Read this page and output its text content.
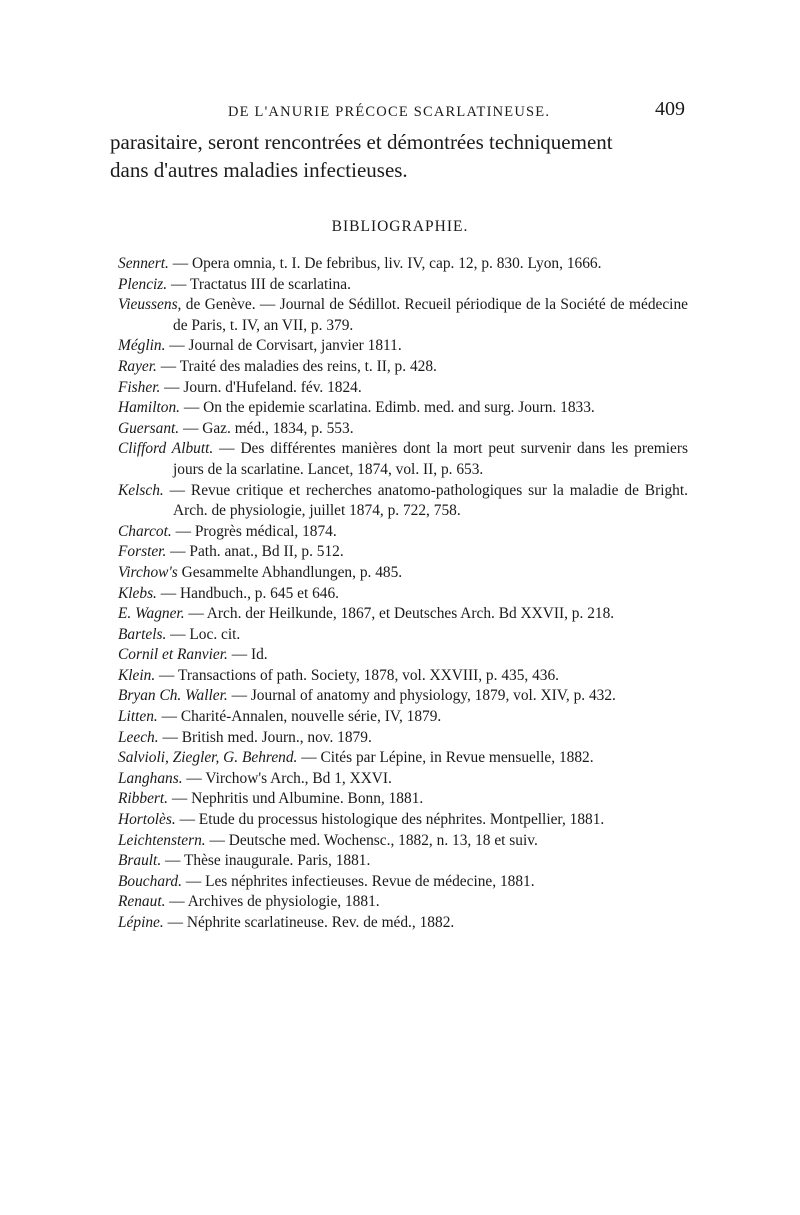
DE L'ANURIE PRÉCOCE SCARLATINEUSE.	409
parasitaire, seront rencontrées et démontrées techniquement
dans d'autres maladies infectieuses.
BIBLIOGRAPHIE.
Sennert. — Opera omnia, t. I. De febribus, liv. IV, cap. 12, p. 830. Lyon, 1666.
Plenciz. — Tractatus III de scarlatina.
Vieussens, de Genève. — Journal de Sédillot. Recueil périodique de la Société de médecine de Paris, t. IV, an VII, p. 379.
Méglin. — Journal de Corvisart, janvier 1811.
Rayer. — Traité des maladies des reins, t. II, p. 428.
Fisher. — Journ. d'Hufeland. fév. 1824.
Hamilton. — On the epidemie scarlatina. Edimb. med. and surg. Journ. 1833.
Guersant. — Gaz. méd., 1834, p. 553.
Clifford Albutt. — Des différentes manières dont la mort peut survenir dans les premiers jours de la scarlatine. Lancet, 1874, vol. II, p. 653.
Kelsch. — Revue critique et recherches anatomo-pathologiques sur la maladie de Bright. Arch. de physiologie, juillet 1874, p. 722, 758.
Charcot. — Progrès médical, 1874.
Forster. — Path. anat., Bd II, p. 512.
Virchow's Gesammelte Abhandlungen, p. 485.
Klebs. — Handbuch., p. 645 et 646.
E. Wagner. — Arch. der Heilkunde, 1867, et Deutsches Arch. Bd XXVII, p. 218.
Bartels. — Loc. cit.
Cornil et Ranvier. — Id.
Klein. — Transactions of path. Society, 1878, vol. XXVIII, p. 435, 436.
Bryan Ch. Waller. — Journal of anatomy and physiology, 1879, vol. XIV, p. 432.
Litten. — Charité-Annalen, nouvelle série, IV, 1879.
Leech. — British med. Journ., nov. 1879.
Salvioli, Ziegler, G. Behrend. — Cités par Lépine, in Revue mensuelle, 1882.
Langhans. — Virchow's Arch., Bd 1, XXVI.
Ribbert. — Nephritis und Albumine. Bonn, 1881.
Hortolès. — Etude du processus histologique des néphrites. Montpellier, 1881.
Leichtenstern. — Deutsche med. Wochensc., 1882, n. 13, 18 et suiv.
Brault. — Thèse inaugurale. Paris, 1881.
Bouchard. — Les néphrites infectieuses. Revue de médecine, 1881.
Renaut. — Archives de physiologie, 1881.
Lépine. — Néphrite scarlatineuse. Rev. de méd., 1882.
